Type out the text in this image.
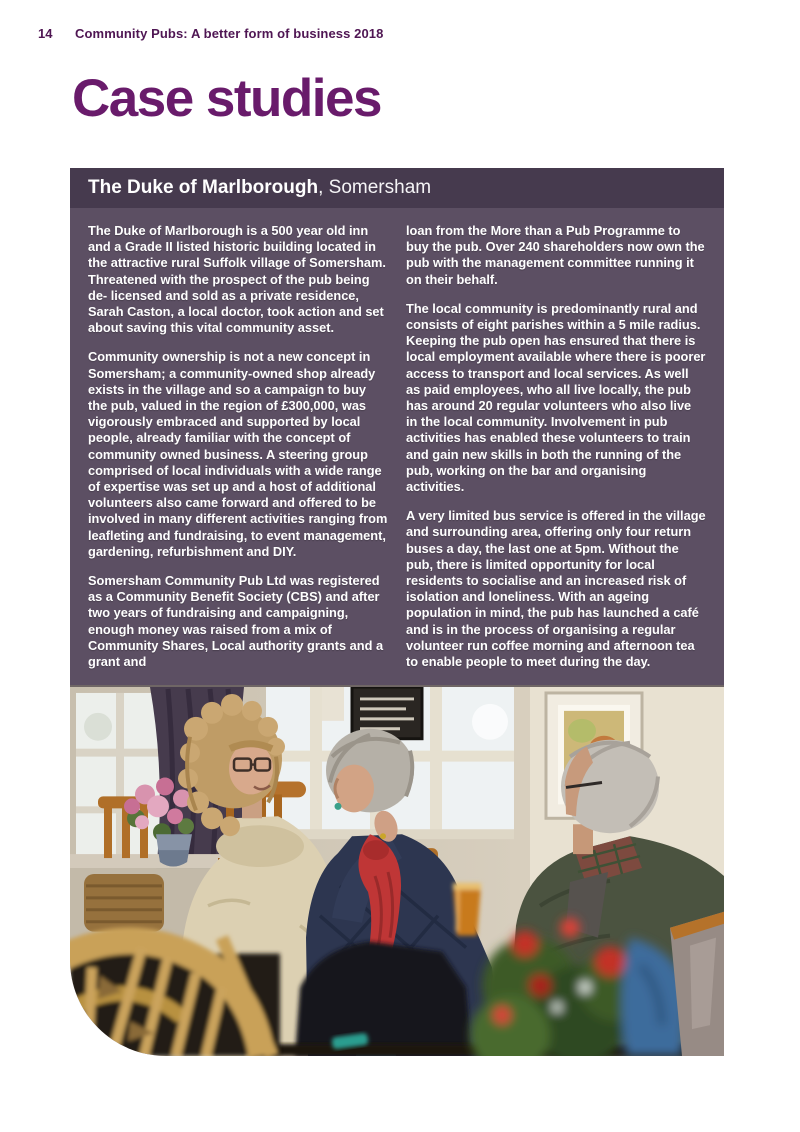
14 Community Pubs: A better form of business 2018
Case studies
The Duke of Marlborough, Somersham

The Duke of Marlborough is a 500 year old inn and a Grade II listed historic building located in the attractive rural Suffolk village of Somersham. Threatened with the prospect of the pub being de- licensed and sold as a private residence, Sarah Caston, a local doctor, took action and set about saving this vital community asset.

Community ownership is not a new concept in Somersham; a community-owned shop already exists in the village and so a campaign to buy the pub, valued in the region of £300,000, was vigorously embraced and supported by local people, already familiar with the concept of community owned business. A steering group comprised of local individuals with a wide range of expertise was set up and a host of additional volunteers also came forward and offered to be involved in many different activities ranging from leafleting and fundraising, to event management, gardening, refurbishment and DIY.

Somersham Community Pub Ltd was registered as a Community Benefit Society (CBS) and after two years of fundraising and campaigning, enough money was raised from a mix of Community Shares, Local authority grants and a grant and

loan from the More than a Pub Programme to buy the pub. Over 240 shareholders now own the pub with the management committee running it on their behalf.

The local community is predominantly rural and consists of eight parishes within a 5 mile radius. Keeping the pub open has ensured that there is local employment available where there is poorer access to transport and local services. As well as paid employees, who all live locally, the pub has around 20 regular volunteers who also live in the local community. Involvement in pub activities has enabled these volunteers to train and gain new skills in both the running of the pub, working on the bar and organising activities.

A very limited bus service is offered in the village and surrounding area, offering only four return buses a day, the last one at 5pm. Without the pub, there is limited opportunity for local residents to socialise and an increased risk of isolation and loneliness. With an ageing population in mind, the pub has launched a café and is in the process of organising a regular volunteer run coffee morning and afternoon tea to enable people to meet during the day.
